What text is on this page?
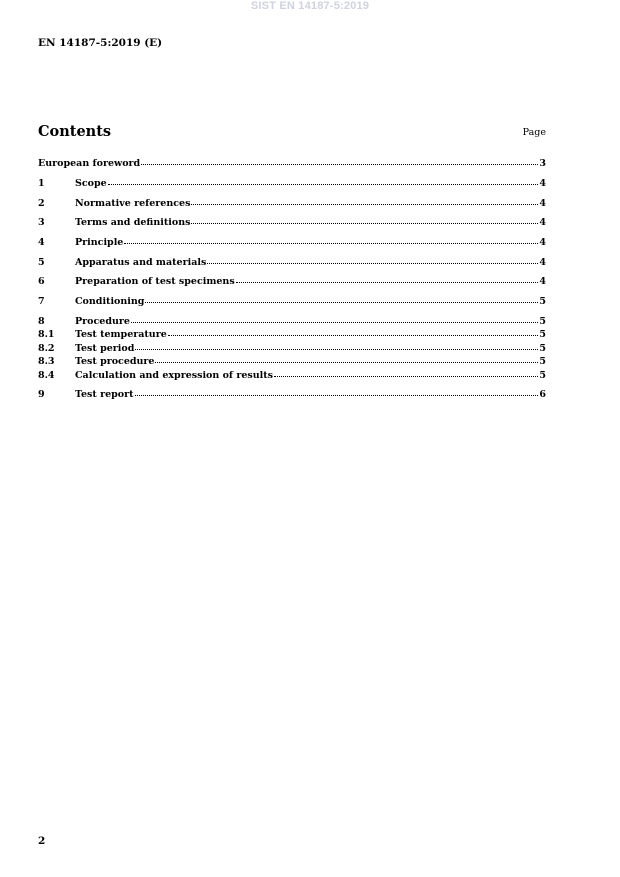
SIST EN 14187-5:2019
EN 14187-5:2019 (E)
Contents	Page
European foreword	3
1	Scope	4
2	Normative references	4
3	Terms and definitions	4
4	Principle	4
5	Apparatus and materials	4
6	Preparation of test specimens	4
7	Conditioning	5
8	Procedure	5
8.1	Test temperature	5
8.2	Test period	5
8.3	Test procedure	5
8.4	Calculation and expression of results	5
9	Test report	6
2
